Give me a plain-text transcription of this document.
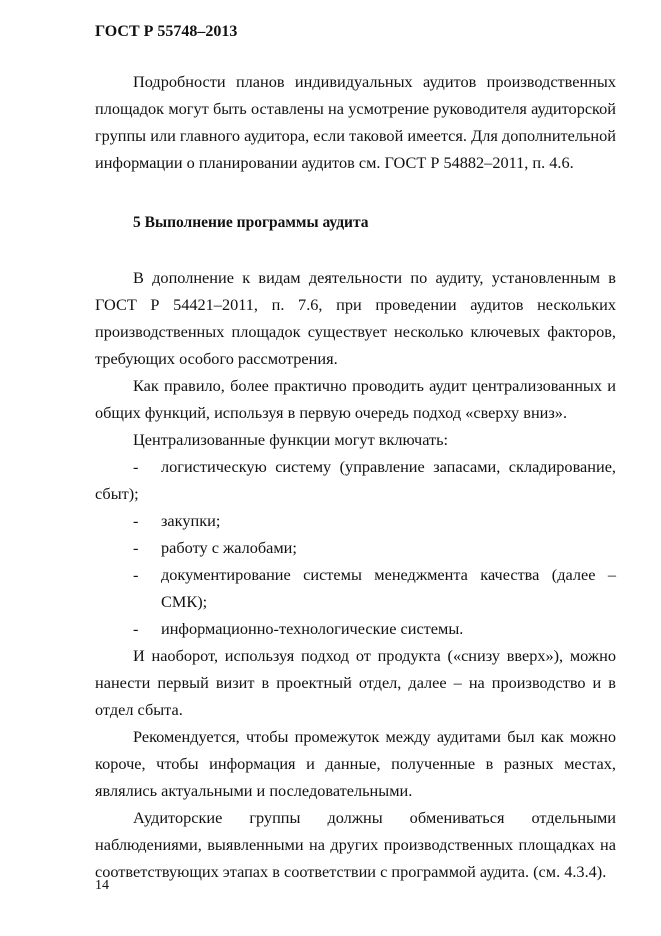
ГОСТ Р 55748–2013

Подробности планов индивидуальных аудитов производственных площадок могут быть оставлены на усмотрение руководителя аудиторской группы или главного аудитора, если таковой имеется. Для дополнительной информации о планировании аудитов см. ГОСТ Р 54882–2011, п. 4.6.

5 Выполнение программы аудита

В дополнение к видам деятельности по аудиту, установленным в ГОСТ Р 54421–2011, п. 7.6, при проведении аудитов нескольких производственных площадок существует несколько ключевых факторов, требующих особого рассмотрения.

Как правило, более практично проводить аудит централизованных и общих функций, используя в первую очередь подход «сверху вниз».

Централизованные функции могут включать:

- логистическую систему (управление запасами, складирование, сбыт);
- закупки;
- работу с жалобами;
- документирование системы менеджмента качества (далее – СМК);
- информационно-технологические системы.

И наоборот, используя подход от продукта («снизу вверх»), можно нанести первый визит в проектный отдел, далее – на производство и в отдел сбыта.

Рекомендуется, чтобы промежуток между аудитами был как можно короче, чтобы информация и данные, полученные в разных местах, являлись актуальными и последовательными.

Аудиторские группы должны обмениваться отдельными наблюдениями, выявленными на других производственных площадках на соответствующих этапах в соответствии с программой аудита. (см. 4.3.4).

14
